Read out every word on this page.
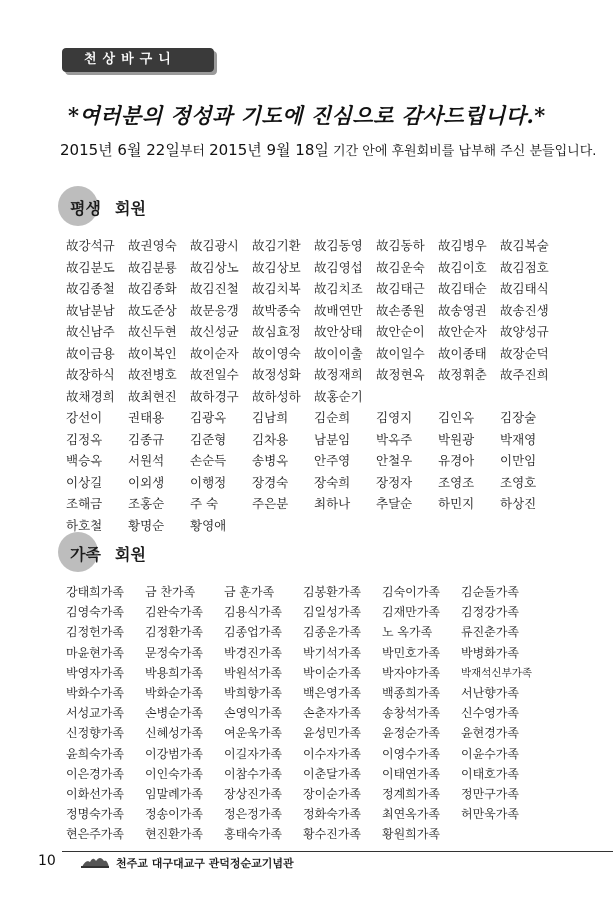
천상바구니
*여러분의 정성과 기도에 진심으로 감사드립니다.*
2015년 6월 22일부터 2015년 9월 18일 기간 안에 후원회비를 납부해 주신 분들입니다.
평생 회원
故강석규	故권영숙	故김광시	故김기환	故김동영	故김동하	故김병우	故김복술
故김분도	故김분룡	故김상노	故김상보	故김영섭	故김운숙	故김이호	故김점호
故김종철	故김종화	故김진철	故김치복	故김치조	故김태근	故김태순	故김태식
故남분남	故도준상	故문응갱	故박종숙	故배연만	故손종원	故송영권	故송진생
故신남주	故신두현	故신성균	故심효정	故안상태	故안순이	故안순자	故양성규
故이금용	故이복인	故이순자	故이영숙	故이이출	故이일수	故이종태	故장순덕
故장하식	故전병호	故전일수	故정성화	故정재희	故정현옥	故정휘춘	故주진희
故채경희	故최현진	故하경구	故하성하	故홍순기
강선이	권태용	김광옥	김남희	김순희	김영지	김인옥	김장술
김정옥	김종규	김준형	김차용	남분임	박옥주	박원광	박재영
백승옥	서원석	손순득	송병옥	안주영	안철우	유경아	이만임
이상길	이외생	이행정	장경숙	장숙희	장정자	조영조	조영호
조해금	조홍순	주 숙	주은분	최하나	추달순	하민지	하상진
하호철	황명순	황영애
가족 회원
강태희가족	금 찬가족	금 훈가족	김봉환가족	김숙이가족	김순돌가족
김영숙가족	김완숙가족	김용식가족	김일성가족	김재만가족	김정강가족
김정헌가족	김정환가족	김종업가족	김종운가족	노 옥가족	류진춘가족
마윤현가족	문정숙가족	박경진가족	박기석가족	박민호가족	박병화가족
박영자가족	박용희가족	박원석가족	박이순가족	박자야가족	박재석신부가족
박화수가족	박화순가족	박희향가족	백은영가족	백종희가족	서난향가족
서성교가족	손병순가족	손영익가족	손춘자가족	송창석가족	신수영가족
신정향가족	신혜성가족	여운욱가족	윤성민가족	윤정순가족	윤현경가족
윤희숙가족	이강범가족	이길자가족	이수자가족	이영수가족	이윤수가족
이은경가족	이인숙가족	이참수가족	이춘달가족	이태연가족	이태호가족
이화선가족	임말례가족	장상진가족	장이순가족	정계희가족	정만구가족
정명숙가족	정송이가족	정은정가족	정화숙가족	최연옥가족	허만욱가족
현은주가족	현진환가족	홍태숙가족	황수진가족	황원희가족
10	천주교 대구대교구 관덕정순교기념관
